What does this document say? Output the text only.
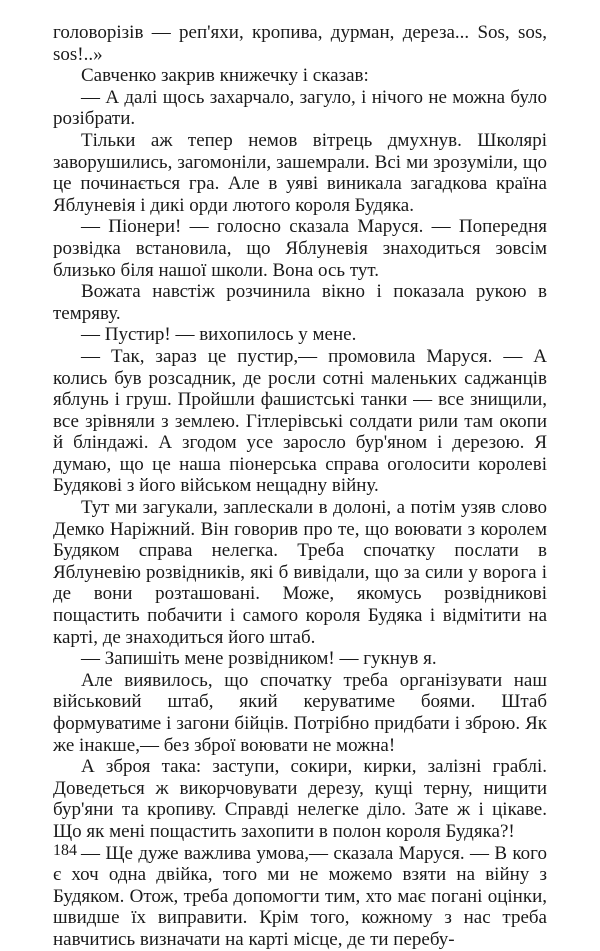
головорізів — реп'яхи, кропива, дурман, дереза... Sos, sos, sos!..»

Савченко закрив книжечку і сказав:

— А далі щось захарчало, загуло, і нічого не можна було розібрати.

Тільки аж тепер немов вітрець дмухнув. Школярі заворушились, загомоніли, зашемрали. Всі ми зрозуміли, що це починається гра. Але в уяві виникала загадкова країна Яблуневія і дикі орди лютого короля Будяка.

— Піонери! — голосно сказала Маруся. — Попередня розвідка встановила, що Яблуневія знаходиться зовсім близько біля нашої школи. Вона ось тут.

Вожата навстіж розчинила вікно і показала рукою в темряву.

— Пустир! — вихопилось у мене.

— Так, зараз це пустир,— промовила Маруся. — А колись був розсадник, де росли сотні маленьких саджанців яблунь і груш. Пройшли фашистські танки — все знищили, все зрівняли з землею. Гітлерівські солдати рили там окопи й бліндажі. А згодом усе заросло бур'яном і дерезою. Я думаю, що це наша піонерська справа оголосити королеві Будякові з його військом нещадну війну.

Тут ми загукали, заплескали в долоні, а потім узяв слово Демко Наріжний. Він говорив про те, що воювати з королем Будяком справа нелегка. Треба спочатку послати в Яблуневію розвідників, які б вивідали, що за сили у ворога і де вони розташовані. Може, якомусь розвідникові пощастить побачити і самого короля Будяка і відмітити на карті, де знаходиться його штаб.

— Запишіть мене розвідником! — гукнув я.

Але виявилось, що спочатку треба організувати наш військовий штаб, який керуватиме боями. Штаб формуватиме і загони бійців. Потрібно придбати і зброю. Як же інакше,— без зброї воювати не можна!

А зброя така: заступи, сокири, кирки, залізні граблі. Доведеться ж викорчовувати дерезу, кущі терну, нищити бур'яни та кропиву. Справді нелегке діло. Зате ж і цікаве. Що як мені пощастить захопити в полон короля Будяка?!

— Ще дуже важлива умова,— сказала Маруся. — В кого є хоч одна двійка, того ми не можемо взяти на війну з Будяком. Отож, треба допомогти тим, хто має погані оцінки, швидше їх виправити. Крім того, кожному з нас треба навчитись визначати на карті місце, де ти перебу-

184
